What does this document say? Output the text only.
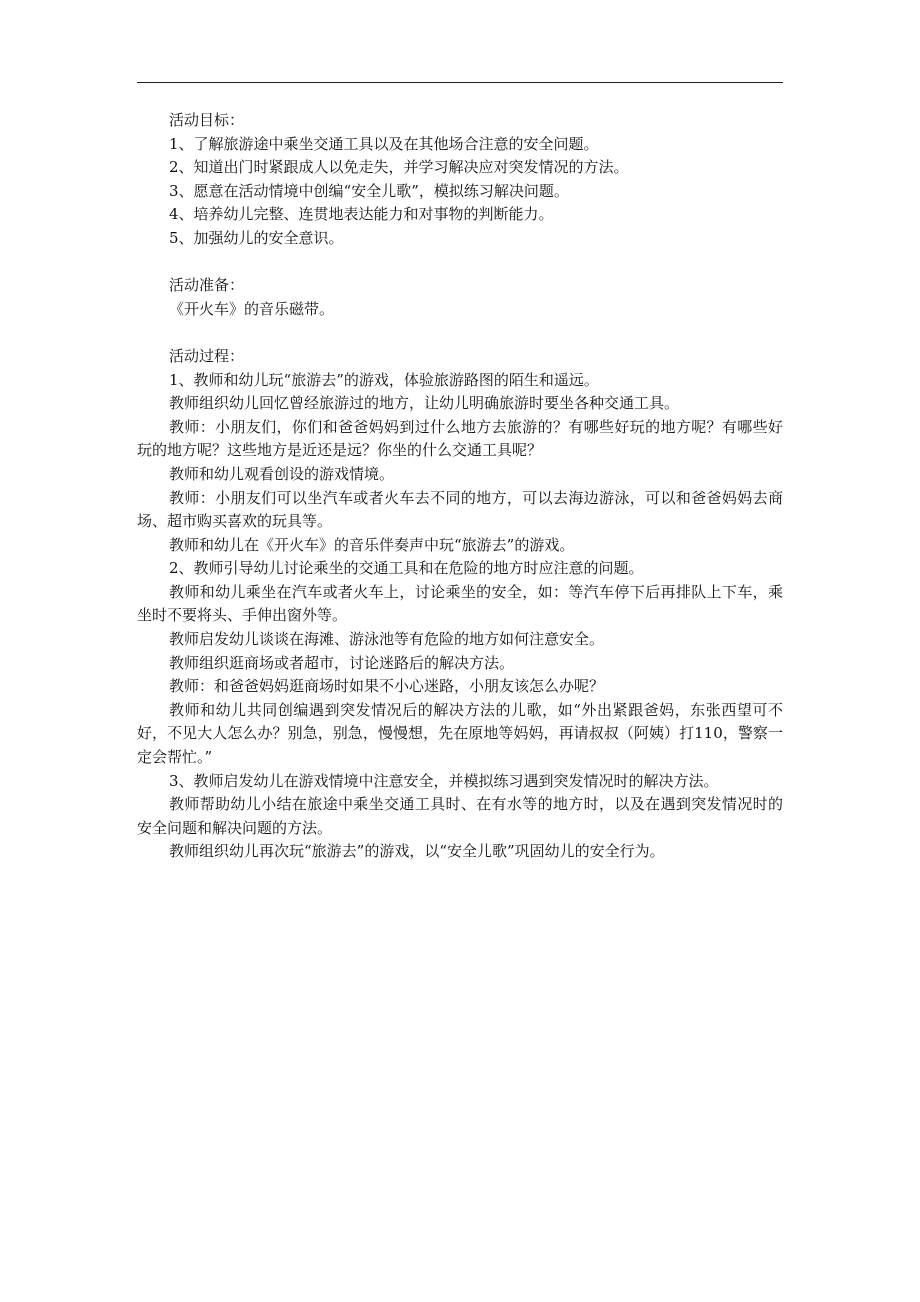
活动目标：

1、了解旅游途中乘坐交通工具以及在其他场合注意的安全问题。

2、知道出门时紧跟成人以免走失，并学习解决应对突发情况的方法。

3、愿意在活动情境中创编“安全儿歌”，模拟练习解决问题。

4、培养幼儿完整、连贯地表达能力和对事物的判断能力。

5、加强幼儿的安全意识。

活动准备：

《开火车》的音乐磁带。

活动过程：

1、教师和幼儿玩“旅游去”的游戏，体验旅游路图的陌生和遥远。

教师组织幼儿回忆曾经旅游过的地方，让幼儿明确旅游时要坐各种交通工具。

教师：小朋友们，你们和爸爸妈妈到过什么地方去旅游的？有哪些好玩的地方呢？有哪些好玩的地方呢？这些地方是近还是远？你坐的什么交通工具呢？

教师和幼儿观看创设的游戏情境。

教师：小朋友们可以坐汽车或者火车去不同的地方，可以去海边游泳，可以和爸爸妈妈去商场、超市购买喜欢的玩具等。

教师和幼儿在《开火车》的音乐伴奏声中玩“旅游去”的游戏。

2、教师引导幼儿讨论乘坐的交通工具和在危险的地方时应注意的问题。

教师和幼儿乘坐在汽车或者火车上，讨论乘坐的安全，如：等汽车停下后再排队上下车，乘坐时不要将头、手伸出窗外等。

教师启发幼儿谈谈在海滩、游泳池等有危险的地方如何注意安全。

教师组织逛商场或者超市，讨论迷路后的解决方法。

教师：和爸爸妈妈逛商场时如果不小心迷路，小朋友该怎么办呢？

教师和幼儿共同创编遇到突发情况后的解决方法的儿歌，如“外出紧跟爸妈，东张西望可不好，不见大人怎么办？别急，别急，慢慢想，先在原地等妈妈，再请叔叔（阿姨）打110，警察一定会帮忙。”

3、教师启发幼儿在游戏情境中注意安全，并模拟练习遇到突发情况时的解决方法。

教师帮助幼儿小结在旅途中乘坐交通工具时、在有水等的地方时，以及在遇到突发情况时的安全问题和解决问题的方法。

教师组织幼儿再次玩“旅游去”的游戏，以“安全儿歌”巩固幼儿的安全行为。
